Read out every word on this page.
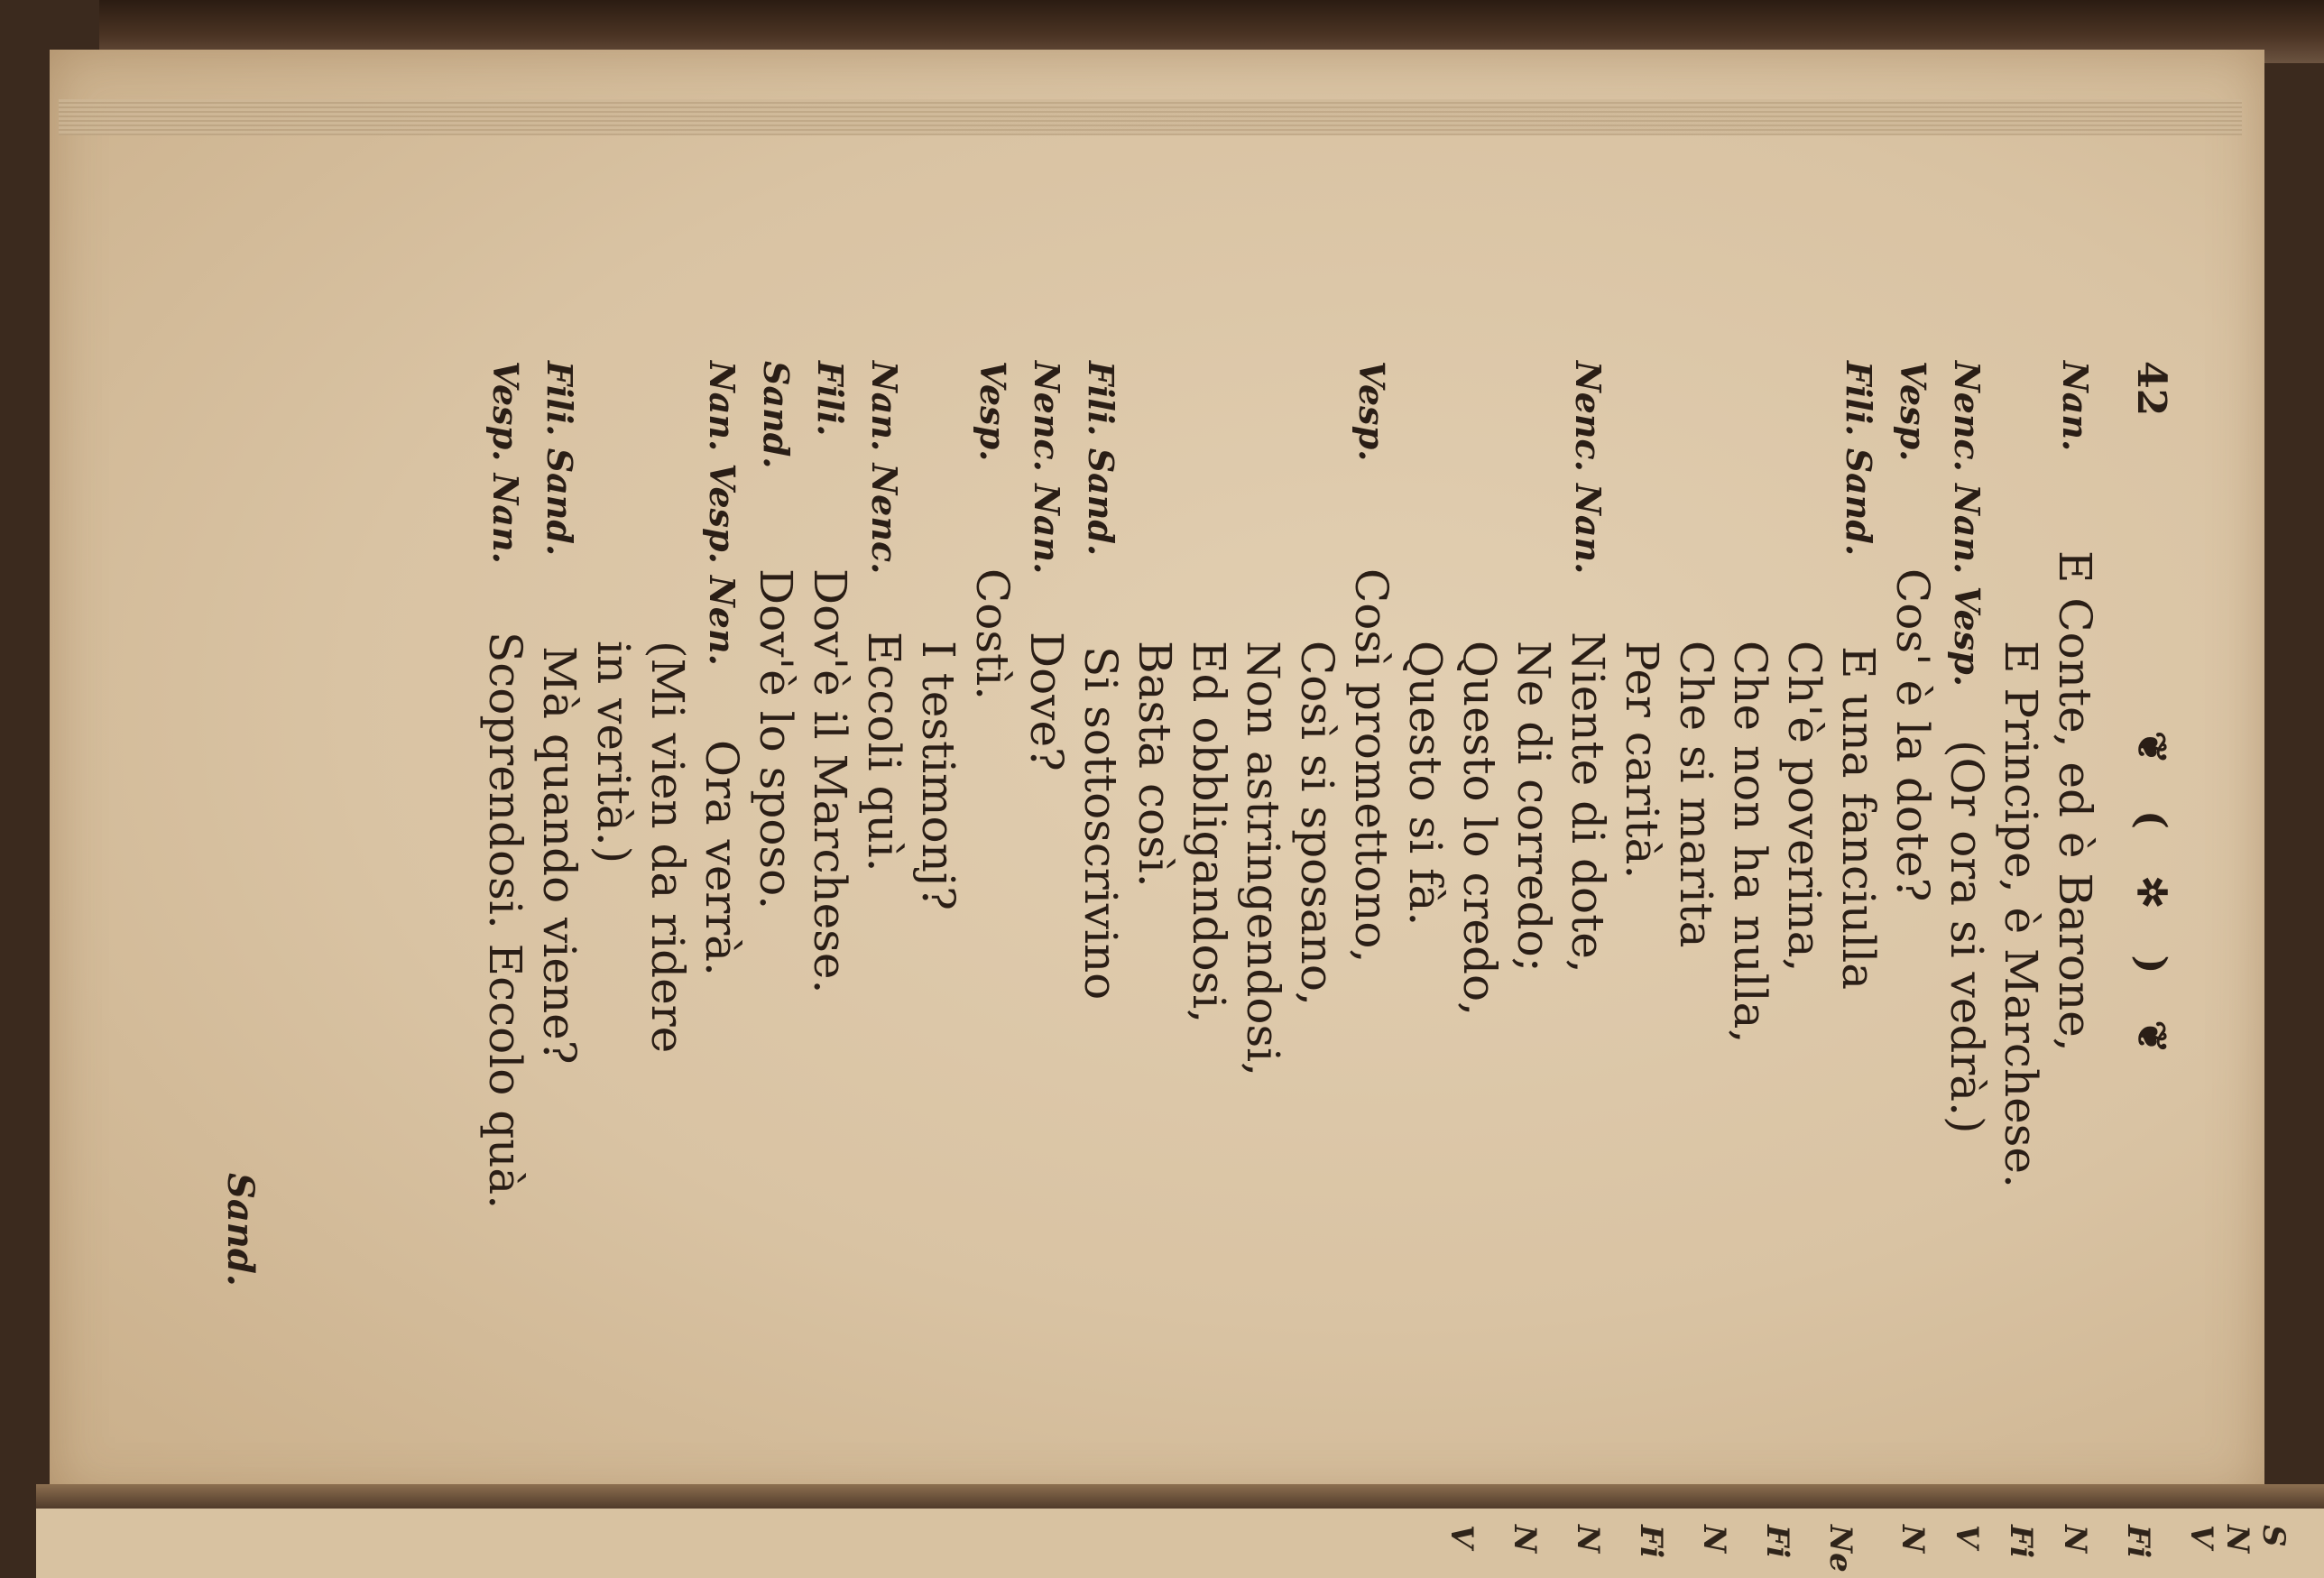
42
❦ ( ✲ ) ❦
Nan.
E Conte, ed è Barone,
E Principe, è Marchese.
Nenc. Nan. Vesp.
(Or ora si vedrà.)
Vesp.
Cos' è la dote?
Fili. Sand.
E una fanciulla
Ch'è poverina,
Che non ha nulla,
Che si marita
Per carità.
Nenc. Nan.
Niente di dote,
Ne di corredo;
Questo lo credo,
Questo si fà.
Vesp.
Così promettono,
Così si sposano,
Non astringendosi,
Ed obbligandosi,
Basta così.
Fili. Sand.
Si sottoscrivino
Nenc. Nan.
Dove?
Vesp.
Costì.
I testimonj?
Nan. Nenc.
Eccoli quì.
Fili.
Dov'è il Marchese.
Sand.
Dov'è lo sposo.
Nan. Vesp. Nen.
Ora verrà.
(Mi vien da ridere
in verità.)
Fili. Sand.
Mà quando viene?
Vesp. Nan.
Scoprendosi. Eccolo quà.
Sand.
S
N
V
Fi
N
Fi
V
N
Ne
Fi
N
Fi
N
N
V
